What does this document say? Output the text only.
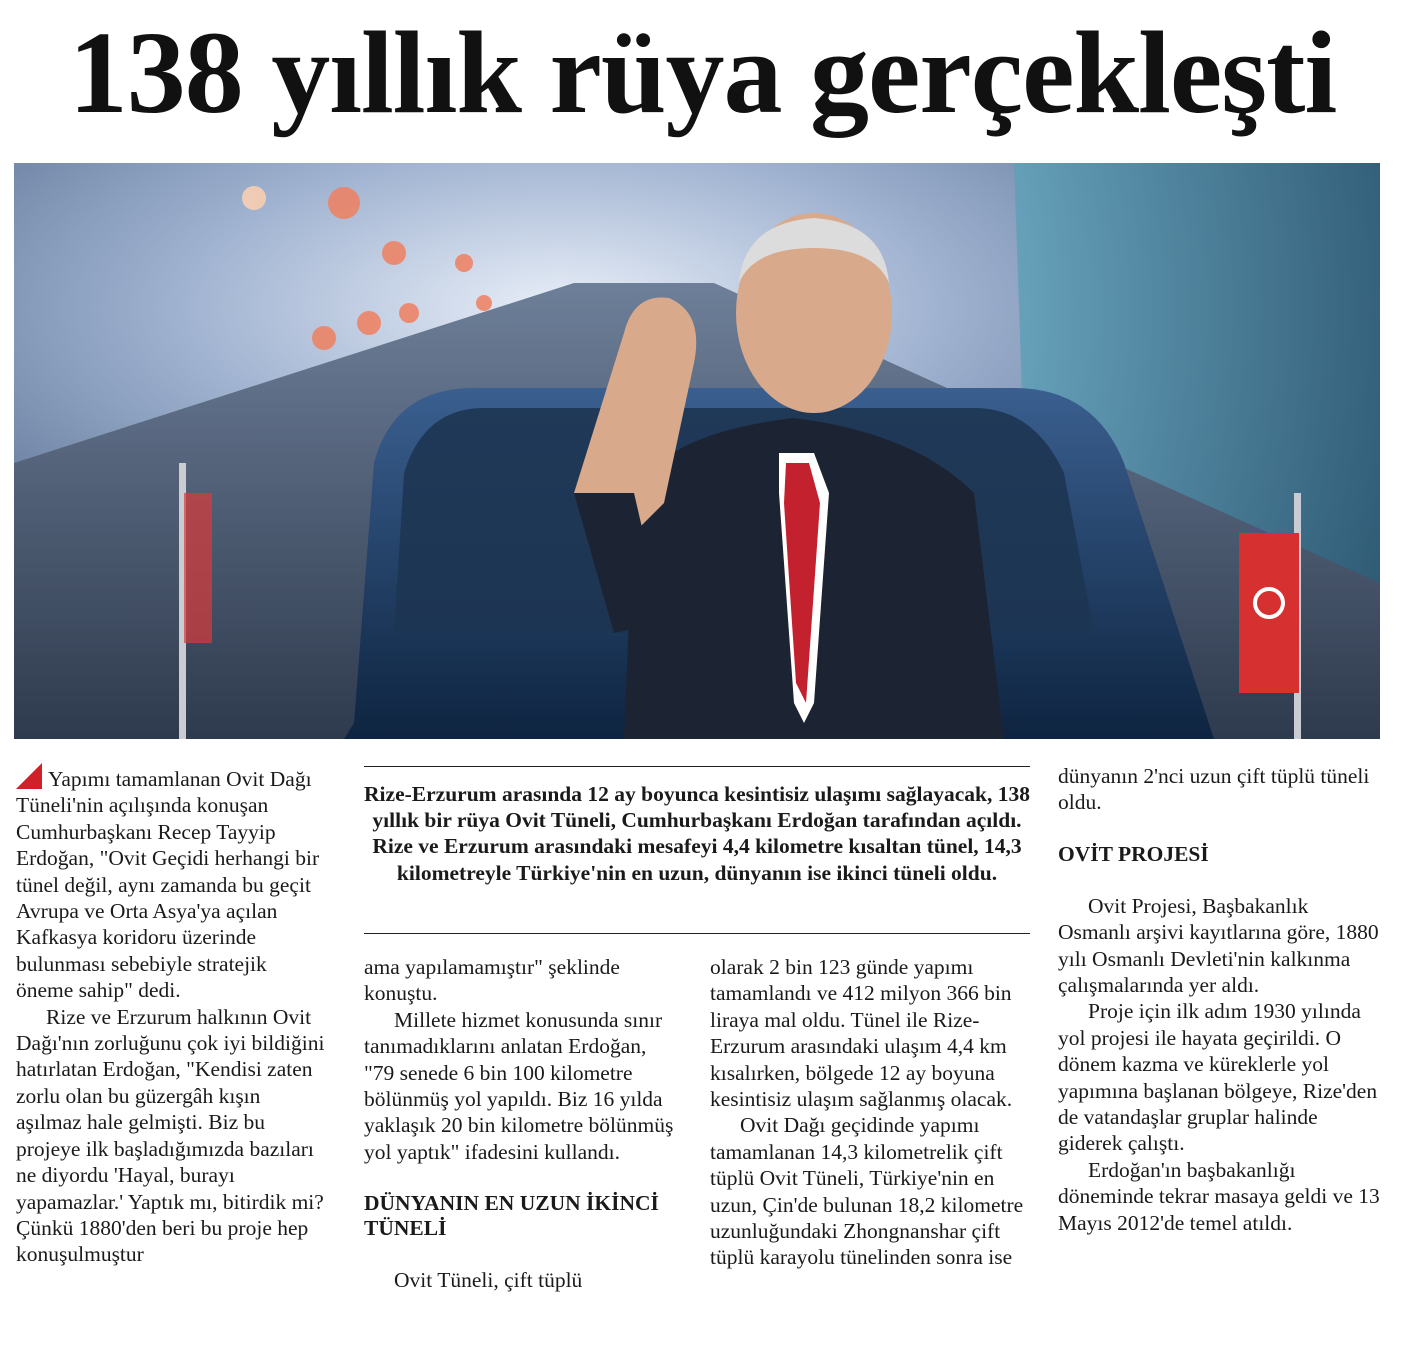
138 yıllık rüya gerçekleşti

Yapımı tamamlanan Ovit Dağı Tüneli'nin açılışında konuşan Cumhurbaşkanı Recep Tayyip Erdoğan, "Ovit Geçidi herhangi bir tünel değil, aynı zamanda bu geçit Avrupa ve Orta Asya'ya açılan Kafkasya koridoru üzerinde bulunması sebebiyle stratejik öneme sahip" dedi.

Rize ve Erzurum halkının Ovit Dağı'nın zorluğunu çok iyi bildiğini hatırlatan Erdoğan, "Kendisi zaten zorlu olan bu güzergâh kışın aşılmaz hale gelmişti. Biz bu projeye ilk başladığımızda bazıları ne diyordu 'Hayal, burayı yapamazlar.' Yaptık mı, bitirdik mi? Çünkü 1880'den beri bu proje hep konuşulmuştur

Rize-Erzurum arasında 12 ay boyunca kesintisiz ulaşımı sağlayacak, 138 yıllık bir rüya Ovit Tüneli, Cumhurbaşkanı Erdoğan tarafından açıldı. Rize ve Erzurum arasındaki mesafeyi 4,4 kilometre kısaltan tünel, 14,3 kilometreyle Türkiye'nin en uzun, dünyanın ise ikinci tüneli oldu.

ama yapılamamıştır" şeklinde konuştu.

Millete hizmet konusunda sınır tanımadıklarını anlatan Erdoğan, "79 senede 6 bin 100 kilometre bölünmüş yol yapıldı. Biz 16 yılda yaklaşık 20 bin kilometre bölünmüş yol yaptık" ifadesini kullandı.

DÜNYANIN EN UZUN İKİNCİ TÜNELİ

Ovit Tüneli, çift tüplü

olarak 2 bin 123 günde yapımı tamamlandı ve 412 milyon 366 bin liraya mal oldu. Tünel ile Rize-Erzurum arasındaki ulaşım 4,4 km kısalırken, bölgede 12 ay boyuna kesintisiz ulaşım sağlanmış olacak.

Ovit Dağı geçidinde yapımı tamamlanan 14,3 kilometrelik çift tüplü Ovit Tüneli, Türkiye'nin en uzun, Çin'de bulunan 18,2 kilometre uzunluğundaki Zhongnanshar çift tüplü karayolu tünelinden sonra ise

dünyanın 2'nci uzun çift tüplü tüneli oldu.

OVİT PROJESİ

Ovit Projesi, Başbakanlık Osmanlı arşivi kayıtlarına göre, 1880 yılı Osmanlı Devleti'nin kalkınma çalışmalarında yer aldı.

Proje için ilk adım 1930 yılında yol projesi ile hayata geçirildi. O dönem kazma ve küreklerle yol yapımına başlanan bölgeye, Rize'den de vatandaşlar gruplar halinde giderek çalıştı.

Erdoğan'ın başbakanlığı döneminde tekrar masaya geldi ve 13 Mayıs 2012'de temel atıldı.
